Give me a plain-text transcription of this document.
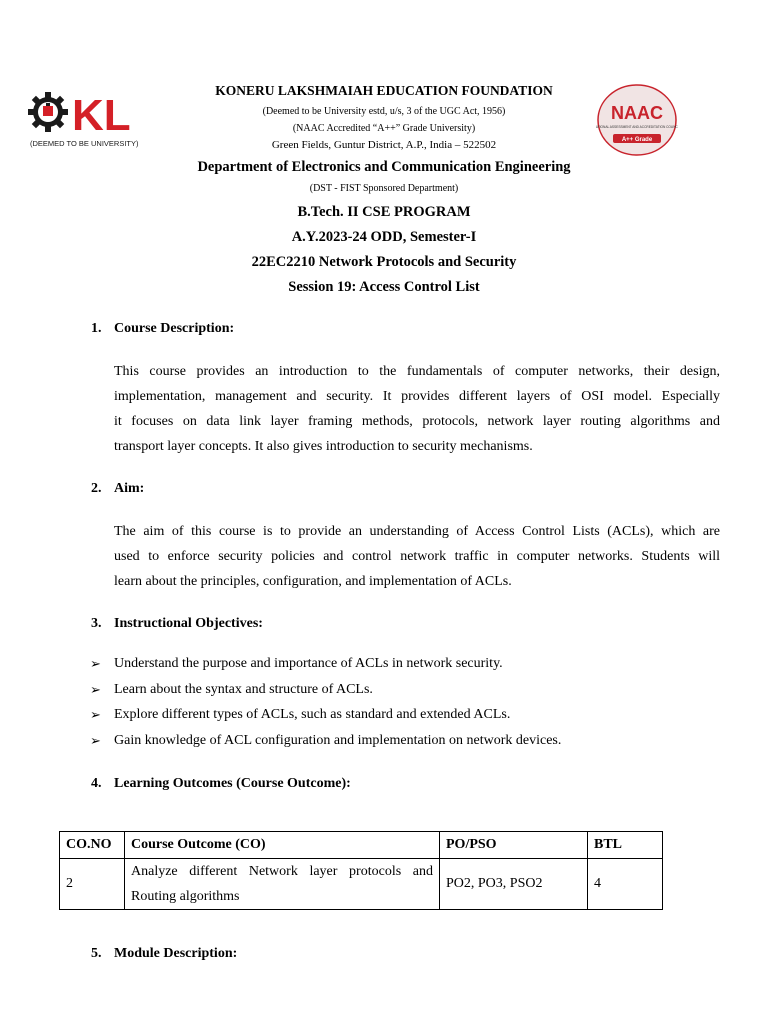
KL
(DEEMED TO BE UNIVERSITY)
NAAC
NATIONAL ASSESSMENT AND ACCREDITATION COUNCIL
A++ Grade
KONERU LAKSHMAIAH EDUCATION FOUNDATION
(Deemed to be University estd, u/s, 3 of the UGC Act, 1956)
(NAAC Accredited “A++” Grade University)
Green Fields, Guntur District, A.P., India – 522502
Department of Electronics and Communication Engineering
(DST - FIST Sponsored Department)
B.Tech. II CSE PROGRAM
A.Y.2023-24 ODD, Semester-I
22EC2210 Network Protocols and Security
Session 19: Access Control List
1. Course Description:
This course provides an introduction to the fundamentals of computer networks, their design,
implementation, management and security. It provides different layers of OSI model. Especially
it focuses on data link layer framing methods, protocols, network layer routing algorithms and
transport layer concepts. It also gives introduction to security mechanisms.
2. Aim:
The aim of this course is to provide an understanding of Access Control Lists (ACLs), which are
used to enforce security policies and control network traffic in computer networks. Students will
learn about the principles, configuration, and implementation of ACLs.
3. Instructional Objectives:
➢ Understand the purpose and importance of ACLs in network security.
➢ Learn about the syntax and structure of ACLs.
➢ Explore different types of ACLs, such as standard and extended ACLs.
➢ Gain knowledge of ACL configuration and implementation on network devices.
4. Learning Outcomes (Course Outcome):
CO.NO	Course Outcome (CO)	PO/PSO	BTL
2	Analyze different Network layer protocols and
Routing algorithms	PO2, PO3, PSO2	4
5. Module Description:
